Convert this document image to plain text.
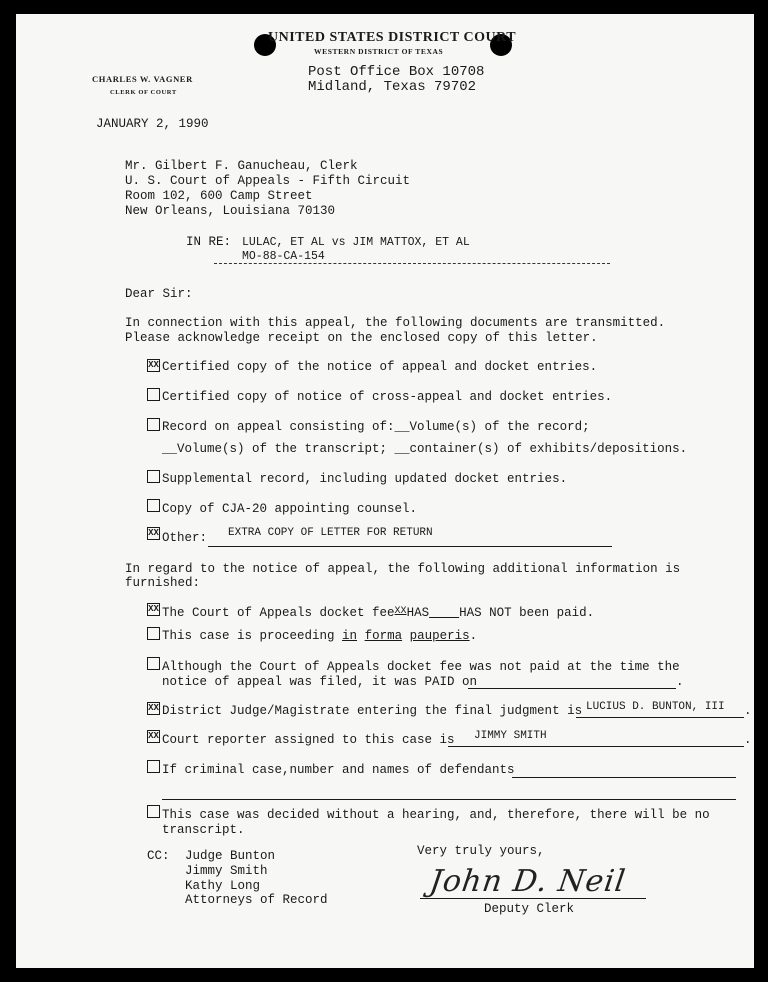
UNITED STATES DISTRICT COURT
WESTERN DISTRICT OF TEXAS
CHARLES W. VAGNER
CLERK OF COURT
Post Office Box 10708
Midland, Texas 79702
JANUARY 2, 1990
Mr. Gilbert F. Ganucheau, Clerk
U. S. Court of Appeals - Fifth Circuit
Room 102, 600 Camp Street
New Orleans, Louisiana 70130
IN RE: LULAC, ET AL vs JIM MATTOX, ET AL
MO-88-CA-154
Dear Sir:
In connection with this appeal, the following documents are transmitted.
Please acknowledge receipt on the enclosed copy of this letter.
XX Certified copy of the notice of appeal and docket entries.
Certified copy of notice of cross-appeal and docket entries.
Record on appeal consisting of:__Volume(s) of the record;
__Volume(s) of the transcript; __container(s) of exhibits/depositions.
Supplemental record, including updated docket entries.
Copy of CJA-20 appointing counsel.
XX Other: EXTRA COPY OF LETTER FOR RETURN
In regard to the notice of appeal, the following additional information is
furnished:
XX The Court of Appeals docket fee$^{XX}$HAS HAS NOT been paid.
This case is proceeding in forma pauperis.
Although the Court of Appeals docket fee was not paid at the time the
notice of appeal was filed, it was PAID on	.
XX District Judge/Magistrate entering the final judgment is LUCIUS D. BUNTON, III .
XX Court reporter assigned to this case is JIMMY SMITH	.
If criminal case,number and names of defendants
This case was decided without a hearing, and, therefore, there will be no
transcript.
CC: Judge Bunton
Jimmy Smith
Kathy Long
Attorneys of Record
Very truly yours,
John D. Neil
Deputy Clerk
